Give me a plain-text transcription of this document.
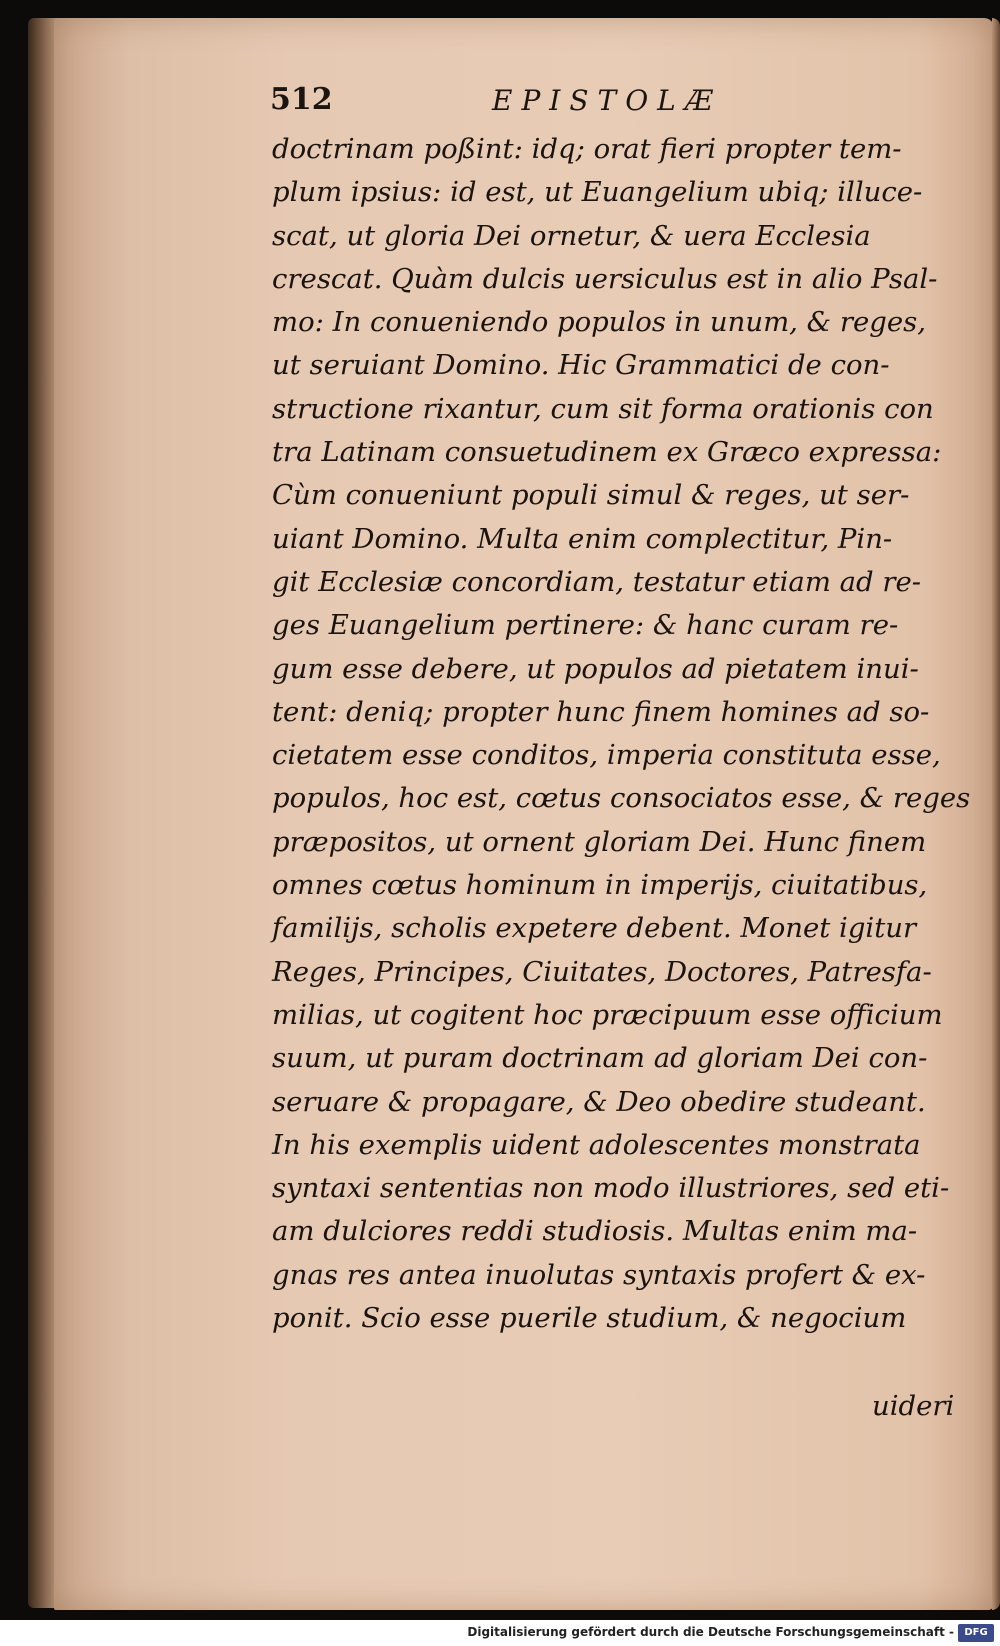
512	EPISTOLÆ
doctrinam poßint: idq; orat fieri propter tem-
plum ipsius: id est, ut Euangelium ubiq; illuce-
scat, ut gloria Dei ornetur, & uera Ecclesia
crescat. Quàm dulcis uersiculus est in alio Psal-
mo: In conueniendo populos in unum, & reges,
ut seruiant Domino. Hic Grammatici de con-
structione rixantur, cum sit forma orationis con
tra Latinam consuetudinem ex Græco expressa:
Cùm conueniunt populi simul & reges, ut ser-
uiant Domino. Multa enim complectitur, Pin-
git Ecclesiæ concordiam, testatur etiam ad re-
ges Euangelium pertinere: & hanc curam re-
gum esse debere, ut populos ad pietatem inui-
tent: deniq; propter hunc finem homines ad so-
cietatem esse conditos, imperia constituta esse,
populos, hoc est, cœtus consociatos esse, & reges
præpositos, ut ornent gloriam Dei. Hunc finem
omnes cœtus hominum in imperijs, ciuitatibus,
familijs, scholis expetere debent. Monet igitur
Reges, Principes, Ciuitates, Doctores, Patresfa-
milias, ut cogitent hoc præcipuum esse officium
suum, ut puram doctrinam ad gloriam Dei con-
seruare & propagare, & Deo obedire studeant.
In his exemplis uident adolescentes monstrata
syntaxi sententias non modo illustriores, sed eti-
am dulciores reddi studiosis. Multas enim ma-
gnas res antea inuolutas syntaxis profert & ex-
ponit. Scio esse puerile studium, & negocium
uideri
Digitalisierung gefördert durch die Deutsche Forschungsgemeinschaft -	DFG
